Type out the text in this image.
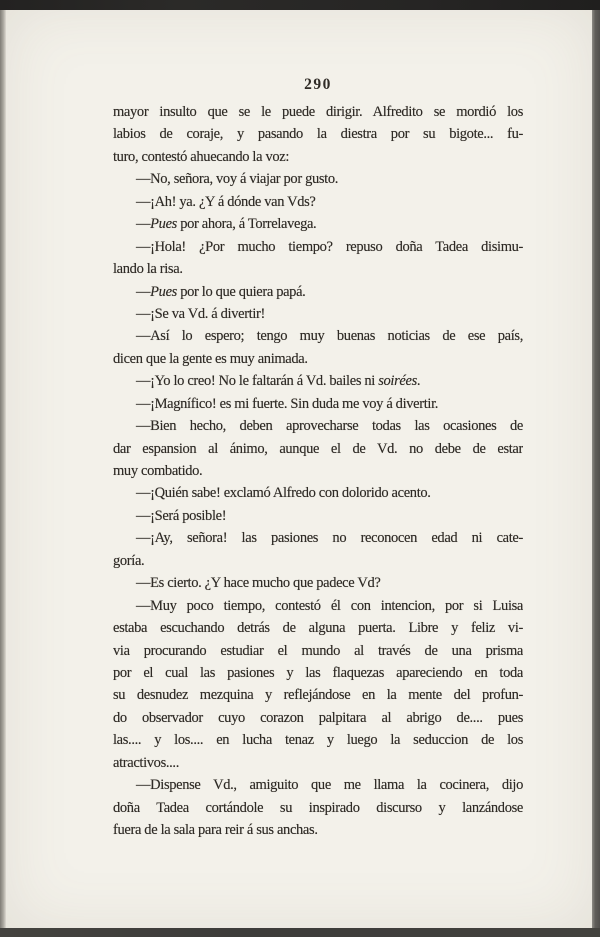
290
mayor insulto que se le puede dirigir. Alfredito se mordió los
labios de coraje, y pasando la diestra por su bigote... fu-
turo, contestó ahuecando la voz:
—No, señora, voy á viajar por gusto.
—¡Ah! ya. ¿Y á dónde van Vds?
—Pues por ahora, á Torrelavega.
—¡Hola! ¿Por mucho tiempo? repuso doña Tadea disimu-
lando la risa.
—Pues por lo que quiera papá.
—¡Se va Vd. á divertir!
—Así lo espero; tengo muy buenas noticias de ese país,
dicen que la gente es muy animada.
—¡Yo lo creo! No le faltarán á Vd. bailes ni soirées.
—¡Magnífico! es mi fuerte. Sin duda me voy á divertir.
—Bien hecho, deben aprovecharse todas las ocasiones de
dar espansion al ánimo, aunque el de Vd. no debe de estar
muy combatido.
—¡Quién sabe! exclamó Alfredo con dolorido acento.
—¡Será posible!
—¡Ay, señora! las pasiones no reconocen edad ni cate-
goría.
—Es cierto. ¿Y hace mucho que padece Vd?
—Muy poco tiempo, contestó él con intencion, por si Luisa
estaba escuchando detrás de alguna puerta. Libre y feliz vi-
via procurando estudiar el mundo al través de una prisma
por el cual las pasiones y las flaquezas apareciendo en toda
su desnudez mezquina y reflejándose en la mente del profun-
do observador cuyo corazon palpitara al abrigo de.... pues
las.... y los.... en lucha tenaz y luego la seduccion de los
atractivos....
—Dispense Vd., amiguito que me llama la cocinera, dijo
doña Tadea cortándole su inspirado discurso y lanzándose
fuera de la sala para reir á sus anchas.
